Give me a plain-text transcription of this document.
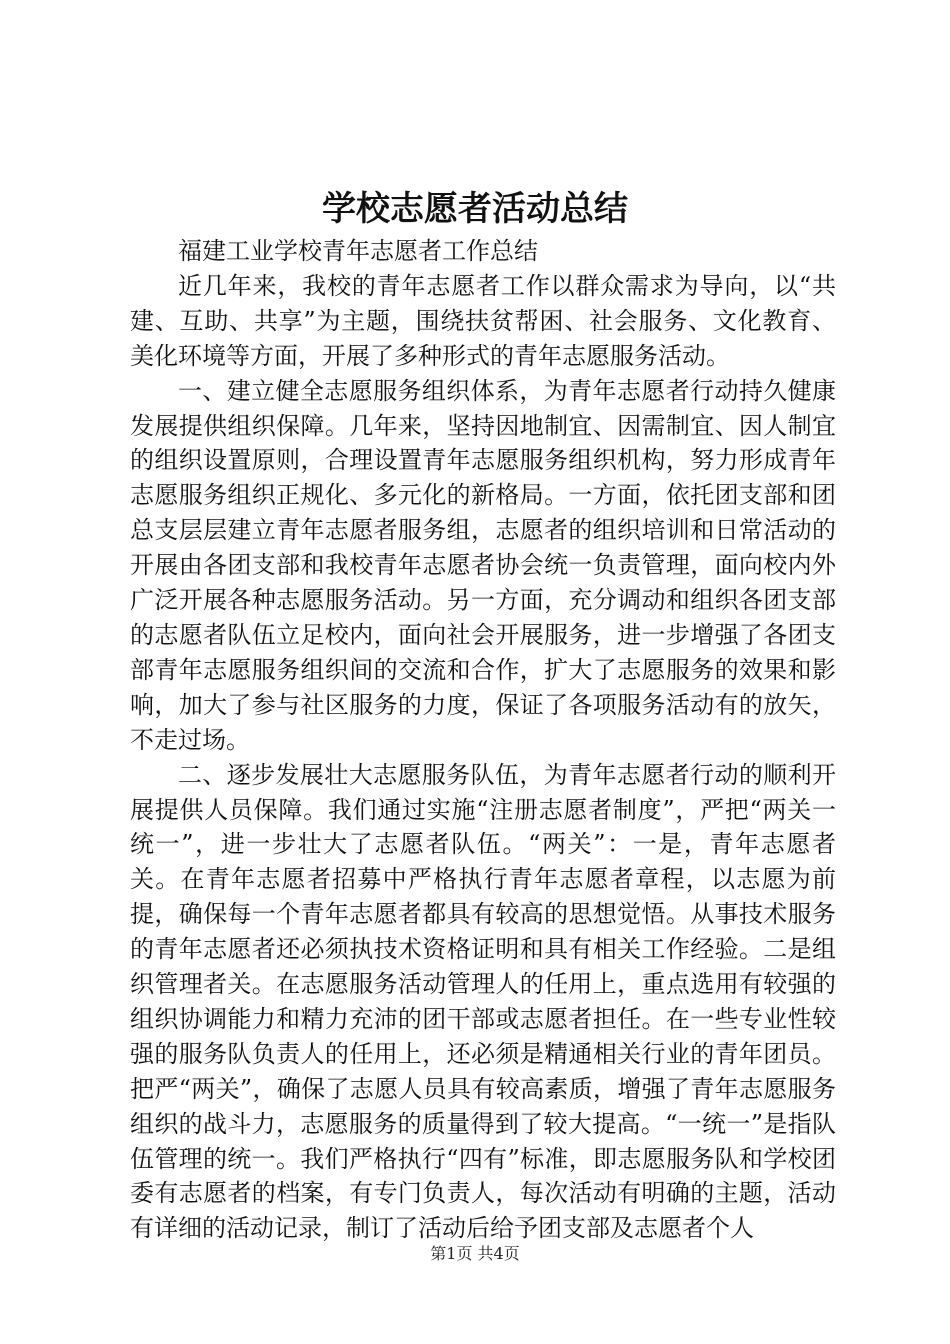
学校志愿者活动总结

福建工业学校青年志愿者工作总结

近几年来，我校的青年志愿者工作以群众需求为导向，以“共建、互助、共享”为主题，围绕扶贫帮困、社会服务、文化教育、美化环境等方面，开展了多种形式的青年志愿服务活动。

一、建立健全志愿服务组织体系，为青年志愿者行动持久健康发展提供组织保障。几年来，坚持因地制宜、因需制宜、因人制宜的组织设置原则，合理设置青年志愿服务组织机构，努力形成青年志愿服务组织正规化、多元化的新格局。一方面，依托团支部和团总支层层建立青年志愿者服务组，志愿者的组织培训和日常活动的开展由各团支部和我校青年志愿者协会统一负责管理，面向校内外广泛开展各种志愿服务活动。另一方面，充分调动和组织各团支部的志愿者队伍立足校内，面向社会开展服务，进一步增强了各团支部青年志愿服务组织间的交流和合作，扩大了志愿服务的效果和影响，加大了参与社区服务的力度，保证了各项服务活动有的放矢，不走过场。

二、逐步发展壮大志愿服务队伍，为青年志愿者行动的顺利开展提供人员保障。我们通过实施“注册志愿者制度”，严把“两关一统一”，进一步壮大了志愿者队伍。“两关”：一是，青年志愿者关。在青年志愿者招募中严格执行青年志愿者章程，以志愿为前提，确保每一个青年志愿者都具有较高的思想觉悟。从事技术服务的青年志愿者还必须执技术资格证明和具有相关工作经验。二是组织管理者关。在志愿服务活动管理人的任用上，重点选用有较强的组织协调能力和精力充沛的团干部或志愿者担任。在一些专业性较强的服务队负责人的任用上，还必须是精通相关行业的青年团员。把严“两关”，确保了志愿人员具有较高素质，增强了青年志愿服务组织的战斗力，志愿服务的质量得到了较大提高。“一统一”是指队伍管理的统一。我们严格执行“四有”标准，即志愿服务队和学校团委有志愿者的档案，有专门负责人，每次活动有明确的主题，活动有详细的活动记录，制订了活动后给予团支部及志愿者个人

第1页 共4页
